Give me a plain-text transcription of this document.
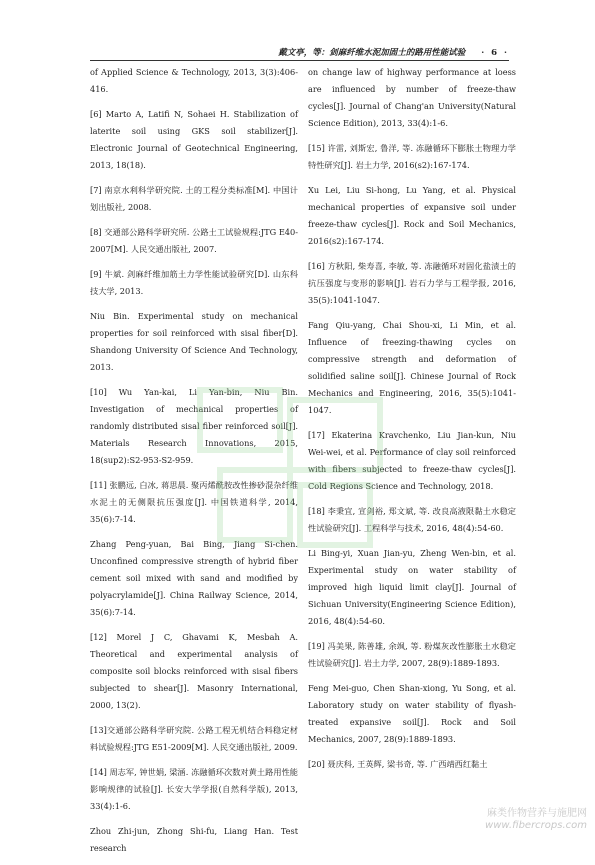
戴文亭，等：剑麻纤维水泥加固土的路用性能试验 · 6 ·

of Applied Science & Technology, 2013, 3(3):406-416.

[6] Marto A, Latifi N, Sohaei H. Stabilization of laterite soil using GKS soil stabilizer[J]. Electronic Journal of Geotechnical Engineering, 2013, 18(18).

[7] 南京水利科学研究院. 土的工程分类标准[M]. 中国计划出版社, 2008.

[8] 交通部公路科学研究所. 公路土工试验规程:JTG E40-2007[M]. 人民交通出版社, 2007.

[9] 牛斌. 剑麻纤维加筋土力学性能试验研究[D]. 山东科技大学, 2013.

Niu Bin. Experimental study on mechanical properties for soil reinforced with sisal fiber[D]. Shandong University Of Science And Technology, 2013.

[10] Wu Yan-kai, Li Yan-bin, Niu Bin. Investigation of mechanical properties of randomly distributed sisal fiber reinforced soil[J]. Materials Research Innovations, 2015, 18(sup2):S2-953-S2-959.

[11] 张鹏远, 白冰, 蒋思晨. 聚丙烯酰胺改性掺砂混杂纤维水泥土的无侧限抗压强度[J]. 中国铁道科学, 2014, 35(6):7-14.

Zhang Peng-yuan, Bai Bing, Jiang Si-chen. Unconfined compressive strength of hybrid fiber cement soil mixed with sand and modified by polyacrylamide[J]. China Railway Science, 2014, 35(6):7-14.

[12] Morel J C, Ghavami K, Mesbah A. Theoretical and experimental analysis of composite soil blocks reinforced with sisal fibers subjected to shear[J]. Masonry International, 2000, 13(2).

[13]交通部公路科学研究院. 公路工程无机结合料稳定材料试验规程:JTG E51-2009[M]. 人民交通出版社, 2009.

[14] 周志军, 钟世娟, 梁涵. 冻融循环次数对黄土路用性能影响规律的试验[J]. 长安大学学报(自然科学版), 2013, 33(4):1-6.

Zhou Zhi-jun, Zhong Shi-fu, Liang Han. Test research

on change law of highway performance at loess are influenced by number of freeze-thaw cycles[J]. Journal of Chang'an University(Natural Science Edition), 2013, 33(4):1-6.

[15] 许雷, 刘斯宏, 鲁洋, 等. 冻融循环下膨胀土物理力学特性研究[J]. 岩土力学, 2016(s2):167-174.

Xu Lei, Liu Si-hong, Lu Yang, et al. Physical mechanical properties of expansive soil under freeze-thaw cycles[J]. Rock and Soil Mechanics, 2016(s2):167-174.

[16] 方秋阳, 柴寿喜, 李敏, 等. 冻融循环对固化盐渍土的抗压强度与变形的影响[J]. 岩石力学与工程学报, 2016, 35(5):1041-1047.

Fang Qiu-yang, Chai Shou-xi, Li Min, et al. Influence of freezing-thawing cycles on compressive strength and deformation of solidified saline soil[J]. Chinese Journal of Rock Mechanics and Engineering, 2016, 35(5):1041-1047.

[17] Ekaterina Kravchenko, Liu Jian-kun, Niu Wei-wei, et al. Performance of clay soil reinforced with fibers subjected to freeze-thaw cycles[J]. Cold Regions Science and Technology, 2018.

[18] 李秉宜, 宣剑裕, 郑文斌, 等. 改良高液限黏土水稳定性试验研究[J]. 工程科学与技术, 2016, 48(4):54-60.

Li Bing-yi, Xuan Jian-yu, Zheng Wen-bin, et al. Experimental study on water stability of improved high liquid limit clay[J]. Journal of Sichuan University(Engineering Science Edition), 2016, 48(4):54-60.

[19] 冯美果, 陈善雄, 余飒, 等. 粉煤灰改性膨胀土水稳定性试验研究[J]. 岩土力学, 2007, 28(9):1889-1893.

Feng Mei-guo, Chen Shan-xiong, Yu Song, et al. Laboratory study on water stability of flyash-treated expansive soil[J]. Rock and Soil Mechanics, 2007, 28(9):1889-1893.

[20] 聂庆科, 王英辉, 梁书奇, 等. 广西靖西红黏土

麻类作物营养与施肥网
www.fibercrops.com
